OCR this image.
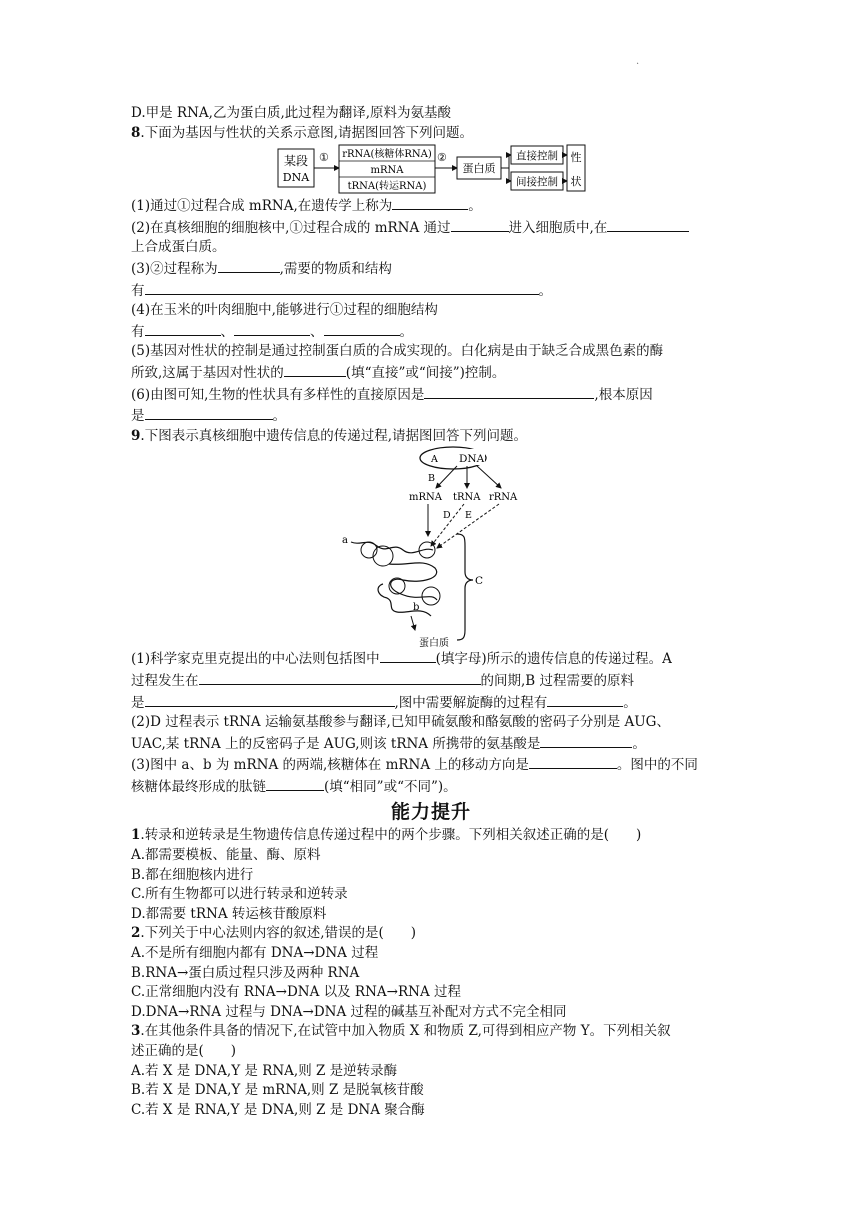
.
D.甲是 RNA,乙为蛋白质,此过程为翻译,原料为氨基酸
8.下面为基因与性状的关系示意图,请据图回答下列问题。
某段
DNA
① rRNA(核糖体RNA)
mRNA
tRNA(转运RNA)
②
蛋白质
直接控制
间接控制
性
状
(1)通过①过程合成 mRNA,在遗传学上称为	。
(2)在真核细胞的细胞核中,①过程合成的 mRNA 通过	进入细胞质中,在
上合成蛋白质。
(3)②过程称为	,需要的物质和结构
有	。
(4)在玉米的叶肉细胞中,能够进行①过程的细胞结构
有	、	、	。
(5)基因对性状的控制是通过控制蛋白质的合成实现的。白化病是由于缺乏合成黑色素的酶
所致,这属于基因对性状的	(填“直接”或“间接”)控制。
(6)由图可知,生物的性状具有多样性的直接原因是	,根本原因
是	。
9.下图表示真核细胞中遗传信息的传递过程,请据图回答下列问题。
A DNA
B
mRNA tRNA rRNA
D E
a
b
蛋白质
C
(1)科学家克里克提出的中心法则包括图中	(填字母)所示的遗传信息的传递过程。A
过程发生在	的间期,B 过程需要的原料
是	,图中需要解旋酶的过程有	。
(2)D 过程表示 tRNA 运输氨基酸参与翻译,已知甲硫氨酸和酪氨酸的密码子分别是 AUG、
UAC,某 tRNA 上的反密码子是 AUG,则该 tRNA 所携带的氨基酸是	。
(3)图中 a、b 为 mRNA 的两端,核糖体在 mRNA 上的移动方向是	。图中的不同
核糖体最终形成的肽链	(填“相同”或“不同”)。
能力提升
1.转录和逆转录是生物遗传信息传递过程中的两个步骤。下列相关叙述正确的是(　　)
A.都需要模板、能量、酶、原料
B.都在细胞核内进行
C.所有生物都可以进行转录和逆转录
D.都需要 tRNA 转运核苷酸原料
2.下列关于中心法则内容的叙述,错误的是(　　)
A.不是所有细胞内都有 DNA→DNA 过程
B.RNA→蛋白质过程只涉及两种 RNA
C.正常细胞内没有 RNA→DNA 以及 RNA→RNA 过程
D.DNA→RNA 过程与 DNA→DNA 过程的碱基互补配对方式不完全相同
3.在其他条件具备的情况下,在试管中加入物质 X 和物质 Z,可得到相应产物 Y。下列相关叙
述正确的是(　　)
A.若 X 是 DNA,Y 是 RNA,则 Z 是逆转录酶
B.若 X 是 DNA,Y 是 mRNA,则 Z 是脱氧核苷酸
C.若 X 是 RNA,Y 是 DNA,则 Z 是 DNA 聚合酶
